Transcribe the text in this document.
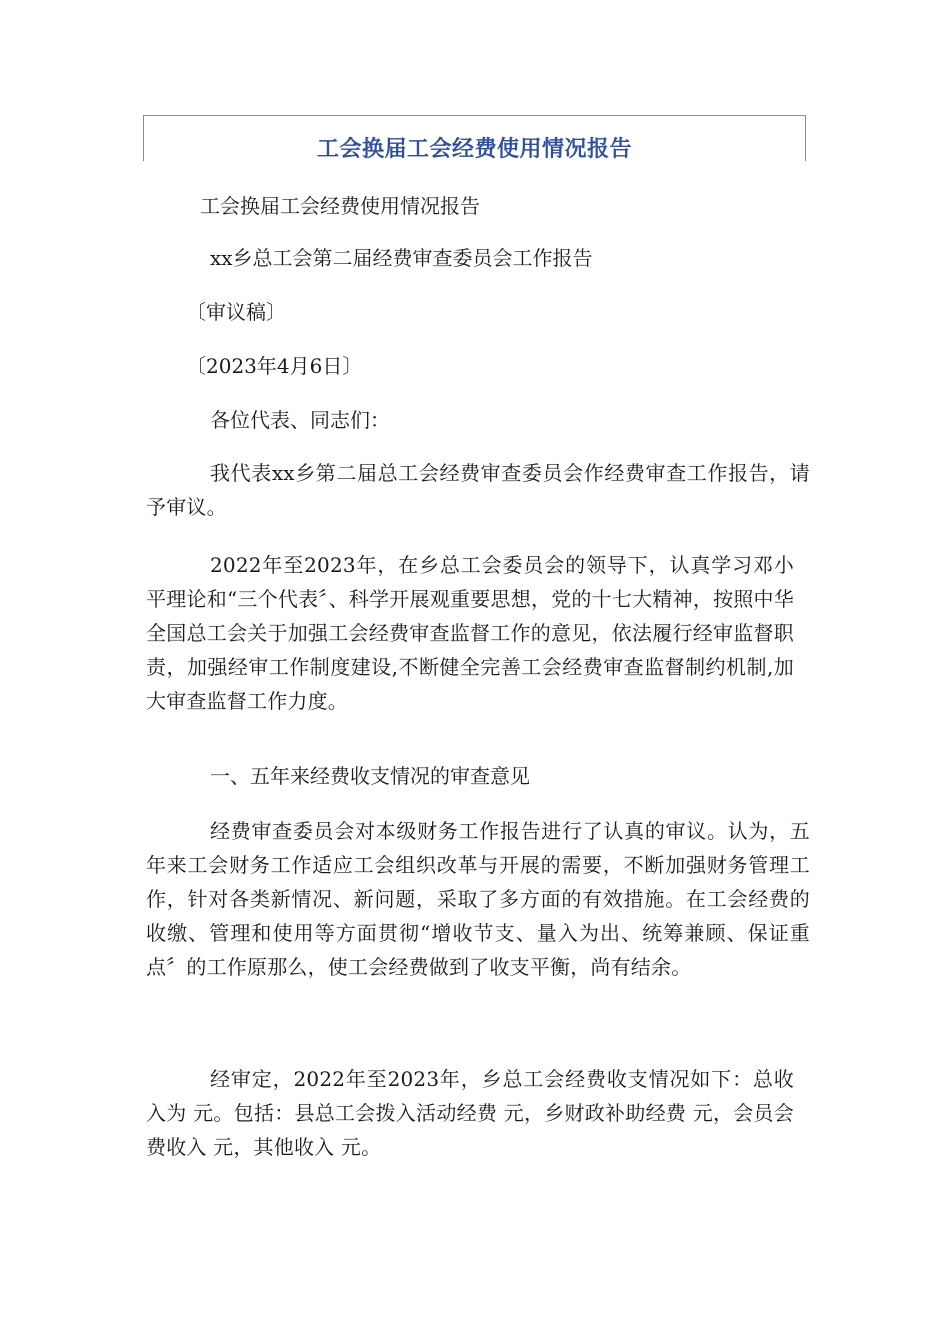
工会换届工会经费使用情况报告
工会换届工会经费使用情况报告
xx乡总工会第二届经费审查委员会工作报告
〔审议稿〕
〔2023年4月6日〕
各位代表、同志们：
我代表xx乡第二届总工会经费审查委员会作经费审查工作报告，请予审议。
2022年至2023年，在乡总工会委员会的领导下，认真学习邓小平理论和“三个代表〞、科学开展观重要思想，党的十七大精神，按照中华全国总工会关于加强工会经费审查监督工作的意见，依法履行经审监督职责，加强经审工作制度建设,不断健全完善工会经费审查监督制约机制,加大审查监督工作力度。
一、五年来经费收支情况的审查意见
经费审查委员会对本级财务工作报告进行了认真的审议。认为，五年来工会财务工作适应工会组织改革与开展的需要，不断加强财务管理工作，针对各类新情况、新问题，采取了多方面的有效措施。在工会经费的收缴、管理和使用等方面贯彻“增收节支、量入为出、统筹兼顾、保证重点〞的工作原那么，使工会经费做到了收支平衡，尚有结余。
经审定，2022年至2023年，乡总工会经费收支情况如下：总收入为 元。包括：县总工会拨入活动经费 元，乡财政补助经费 元，会员会费收入 元，其他收入 元。
